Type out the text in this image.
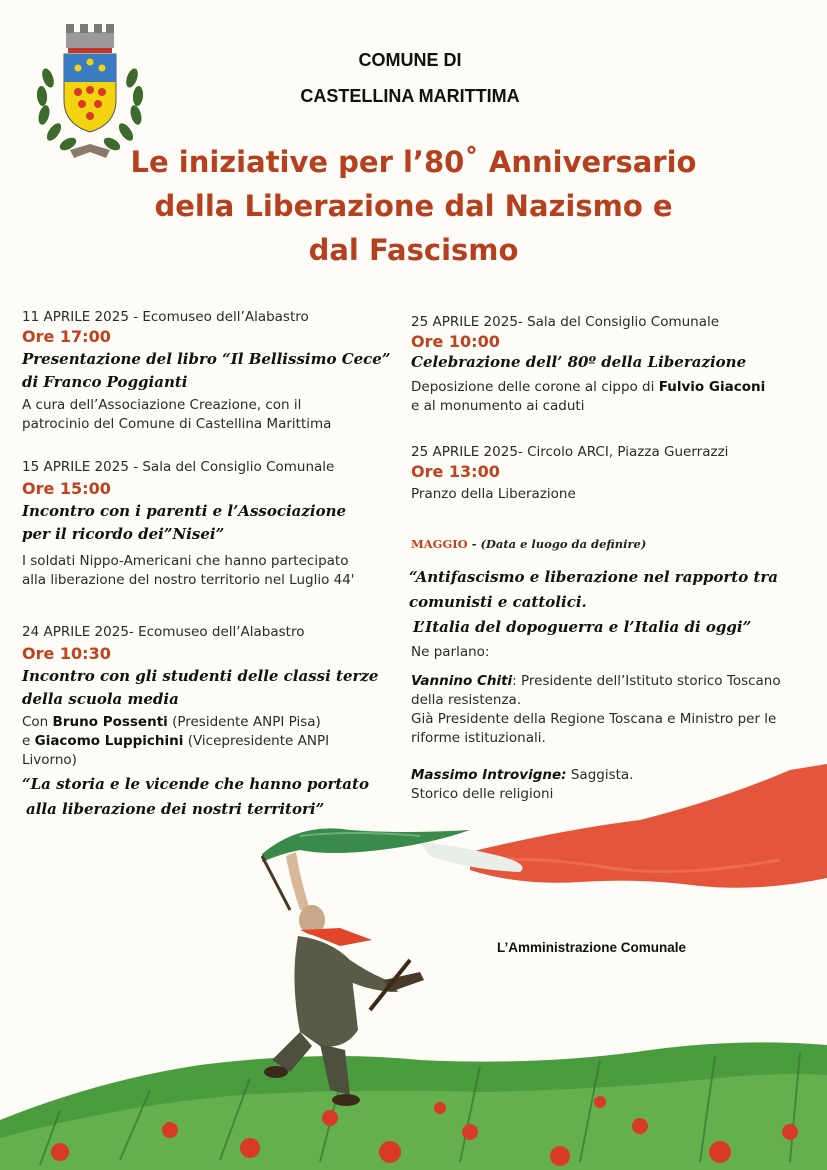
COMUNE DI
CASTELLINA MARITTIMA
Le iniziative per l’80˚ Anniversario
della Liberazione dal Nazismo e
dal Fascismo
11 APRILE 2025 - Ecomuseo dell’Alabastro
Ore 17:00
Presentazione del libro “Il Bellissimo Cece”
di Franco Poggianti
A cura dell’Associazione Creazione, con il
patrocinio del Comune di Castellina Marittima
15 APRILE 2025 - Sala del Consiglio Comunale
Ore 15:00
Incontro con i parenti e l’Associazione
per il ricordo dei”Nisei”
I soldati Nippo-Americani che hanno partecipato
alla liberazione del nostro territorio nel Luglio 44'
24 APRILE 2025- Ecomuseo dell’Alabastro
Ore 10:30
Incontro con gli studenti delle classi terze
della scuola media
Con Bruno Possenti (Presidente ANPI Pisa)
e Giacomo Luppichini (Vicepresidente ANPI
Livorno)
“La storia e le vicende che hanno portato
alla liberazione dei nostri territori”
25 APRILE 2025- Sala del Consiglio Comunale
Ore 10:00
Celebrazione dell’ 80º della Liberazione
Deposizione delle corone al cippo di Fulvio Giaconi
e al monumento ai caduti
25 APRILE 2025- Circolo ARCI, Piazza Guerrazzi
Ore 13:00
Pranzo della Liberazione
MAGGIO - (Data e luogo da definire)
“Antifascismo e liberazione nel rapporto tra
comunisti e cattolici.
L’Italia del dopoguerra e l’Italia di oggi”
Ne parlano:
Vannino Chiti: Presidente dell’Istituto storico Toscano
della resistenza.
Già Presidente della Regione Toscana e Ministro per le
riforme istituzionali.
Massimo Introvigne: Saggista.
Storico delle religioni
L’Amministrazione Comunale
